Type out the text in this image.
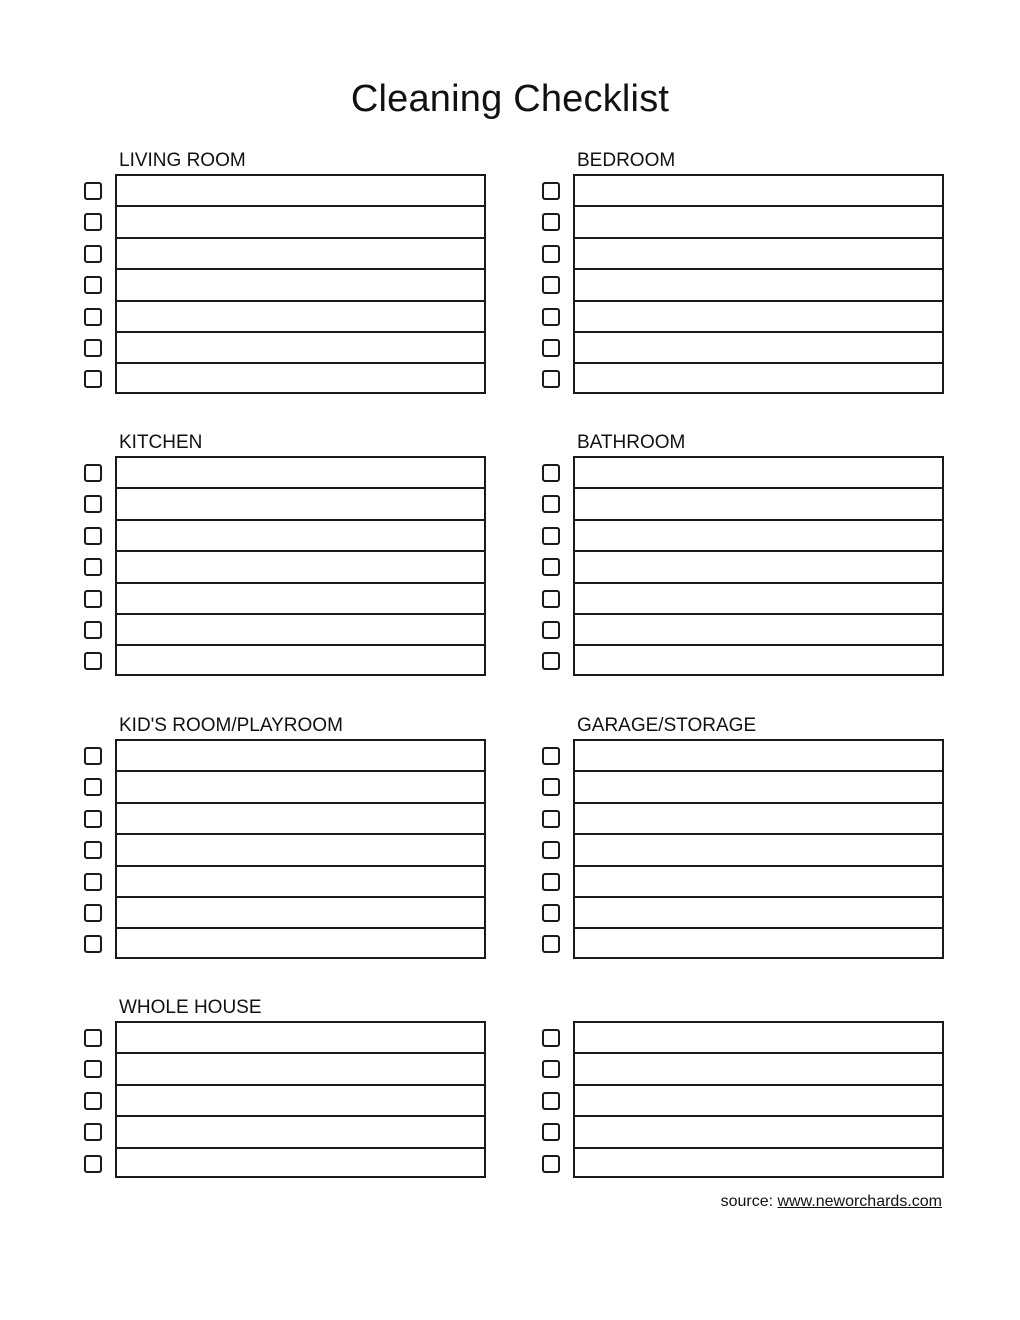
Cleaning Checklist
LIVING ROOM	BEDROOM
KITCHEN	BATHROOM
KID'S ROOM/PLAYROOM	GARAGE/STORAGE
WHOLE HOUSE
source: www.neworchards.com
